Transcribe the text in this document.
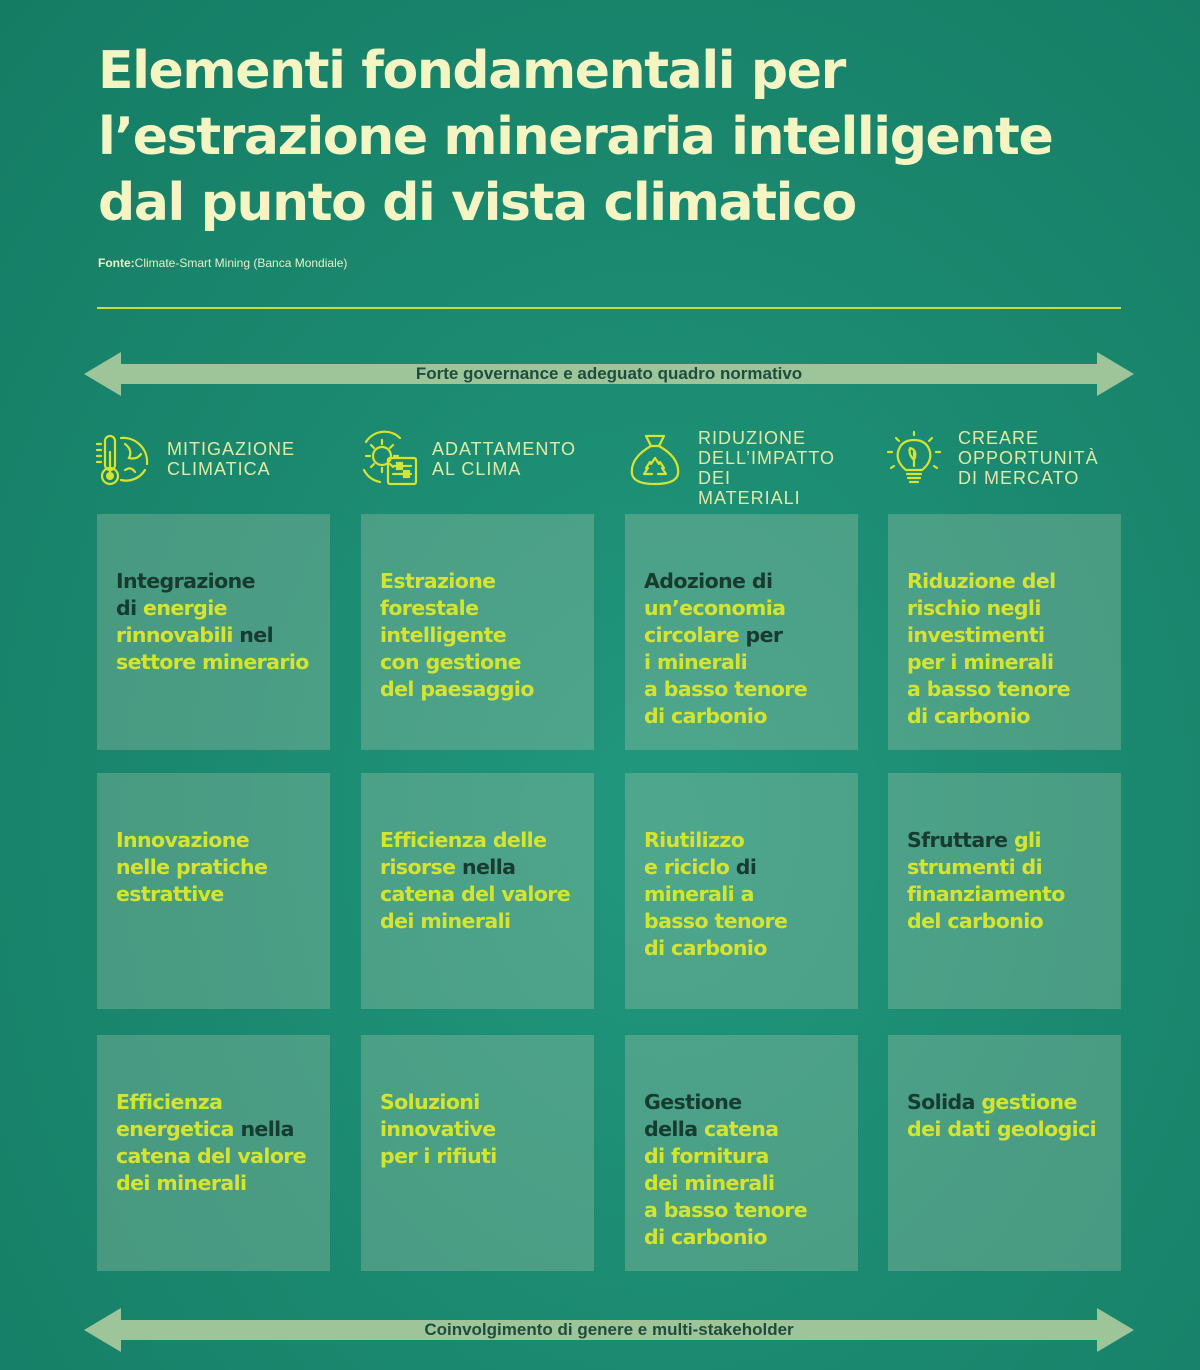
Elementi fondamentali per
l’estrazione mineraria intelligente
dal punto di vista climatico
Fonte:Climate-Smart Mining (Banca Mondiale)
Forte governance e adeguato quadro normativo
MITIGAZIONE
CLIMATICA
ADATTAMENTO
AL CLIMA
RIDUZIONE
DELL’IMPATTO
DEI MATERIALI
CREARE
OPPORTUNITÀ
DI MERCATO
Integrazione
di energie
rinnovabili nel
settore minerario
Innovazione
nelle pratiche
estrattive
Efficienza
energetica nella
catena del valore
dei minerali
Estrazione
forestale
intelligente
con gestione
del paesaggio
Efficienza delle
risorse nella
catena del valore
dei minerali
Soluzioni
innovative
per i rifiuti
Adozione di
un’economia
circolare per
i minerali
a basso tenore
di carbonio
Riutilizzo
e riciclo di
minerali a
basso tenore
di carbonio
Gestione
della catena
di fornitura
dei minerali
a basso tenore
di carbonio
Riduzione del
rischio negli
investimenti
per i minerali
a basso tenore
di carbonio
Sfruttare gli
strumenti di
finanziamento
del carbonio
Solida gestione
dei dati geologici
Coinvolgimento di genere e multi-stakeholder
